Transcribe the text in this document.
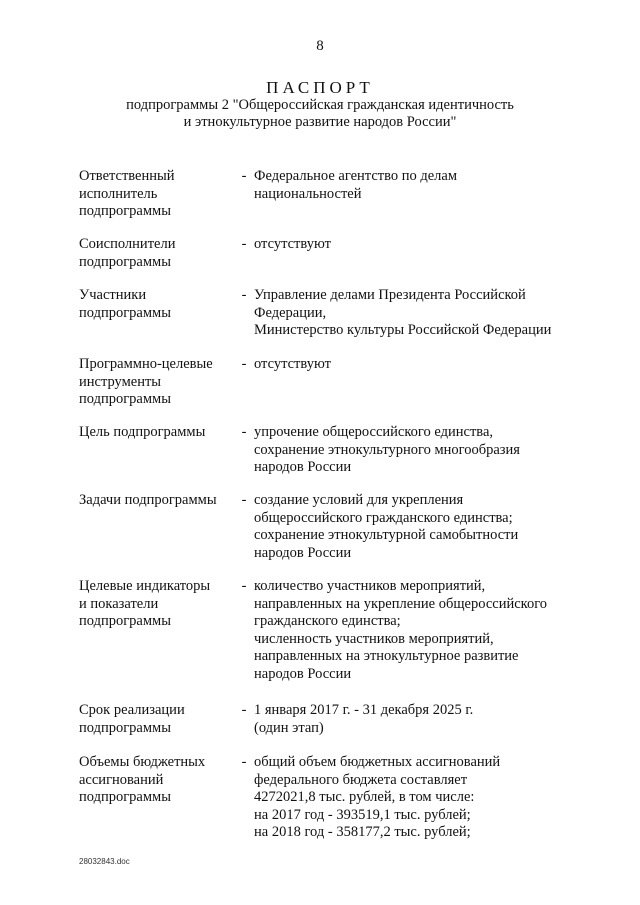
8
ПАСПОРТ
подпрограммы 2 "Общероссийская гражданская идентичность
и этнокультурное развитие народов России"
Ответственный
исполнитель
подпрограммы
- Федеральное агентство по делам
национальностей
Соисполнители
подпрограммы
- отсутствуют
Участники
подпрограммы
- Управление делами Президента Российской
Федерации,
Министерство культуры Российской Федерации
Программно-целевые
инструменты
подпрограммы
- отсутствуют
Цель подпрограммы	- упрочение общероссийского единства,
сохранение этнокультурного многообразия
народов России
Задачи подпрограммы	- создание условий для укрепления
общероссийского гражданского единства;
сохранение этнокультурной самобытности
народов России
Целевые индикаторы
и показатели
подпрограммы
- количество участников мероприятий,
направленных на укрепление общероссийского
гражданского единства;
численность участников мероприятий,
направленных на этнокультурное развитие
народов России
Срок реализации
подпрограммы
- 1 января 2017 г. - 31 декабря 2025 г.
(один этап)
Объемы бюджетных
ассигнований
подпрограммы
- общий объем бюджетных ассигнований
федерального бюджета составляет
4272021,8 тыс. рублей, в том числе:
на 2017 год - 393519,1 тыс. рублей;
на 2018 год - 358177,2 тыс. рублей;
28032843.doc
